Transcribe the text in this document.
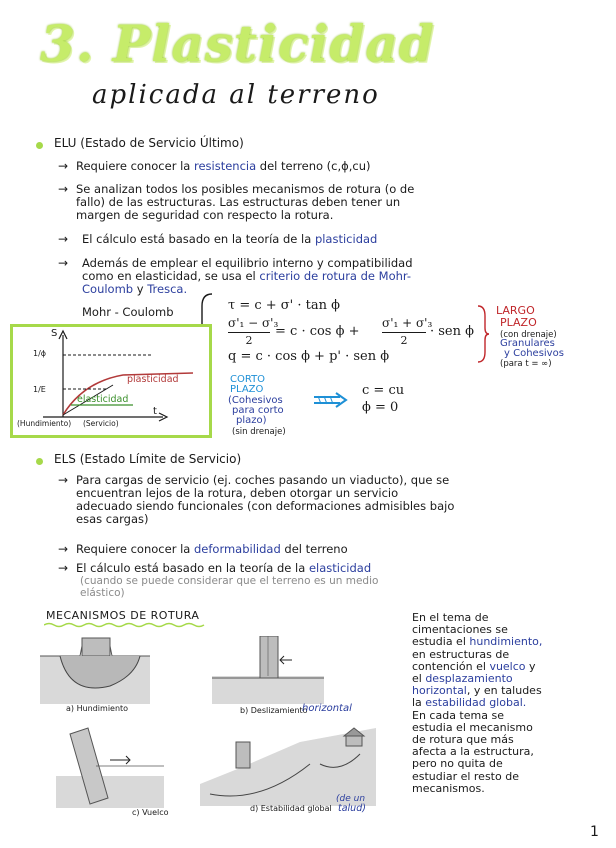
3. Plasticidad
aplicada al terreno
ELU (Estado de Servicio Último)
→ Requiere conocer la resistencia del terreno (c,ϕ,cu)
→ Se analizan todos los posibles mecanismos de rotura (o de
fallo) de las estructuras. Las estructuras deben tener un
margen de seguridad con respecto la rotura.
→ El cálculo está basado en la teoría de la plasticidad
→ Además de emplear el equilibrio interno y compatibilidad
como en elasticidad, se usa el criterio de rotura de Mohr-
Coulomb y Tresca.
Mohr - Coulomb	τ = c + σ' · tan ϕ
σ'₁ − σ'₃
2
= c · cos ϕ +
σ'₁ + σ'₃
2
· sen ϕ
q = c · cos ϕ + p' · sen ϕ
LARGO
PLAZO
(con drenaje)
Granulares
y Cohesivos
(para t = ∞)
CORTO
PLAZO
(Cohesivos
para corto
plazo)
(sin drenaje)
c = cu
ϕ = 0
S
1/ϕ
1/E
plasticidad
elasticidad
t
(Hundimiento) (Servicio)
ELS (Estado Límite de Servicio)
→ Para cargas de servicio (ej. coches pasando un viaducto), que se
encuentran lejos de la rotura, deben otorgar un servicio
adecuado siendo funcionales (con deformaciones admisibles bajo
esas cargas)
→ Requiere conocer la deformabilidad del terreno
→ El cálculo está basado en la teoría de la elasticidad
(cuando se puede considerar que el terreno es un medio
elástico)
MECANISMOS DE ROTURA
a) Hundimiento	b) Deslizamiento
horizontal
c) Vuelco	d) Estabilidad global
(de un
talud)
En el tema de
cimentaciones se
estudia el hundimiento,
en estructuras de
contención el vuelco y
el desplazamiento
horizontal, y en taludes
la estabilidad global.
En cada tema se
estudia el mecanismo
de rotura que más
afecta a la estructura,
pero no quita de
estudiar el resto de
mecanismos.
1
